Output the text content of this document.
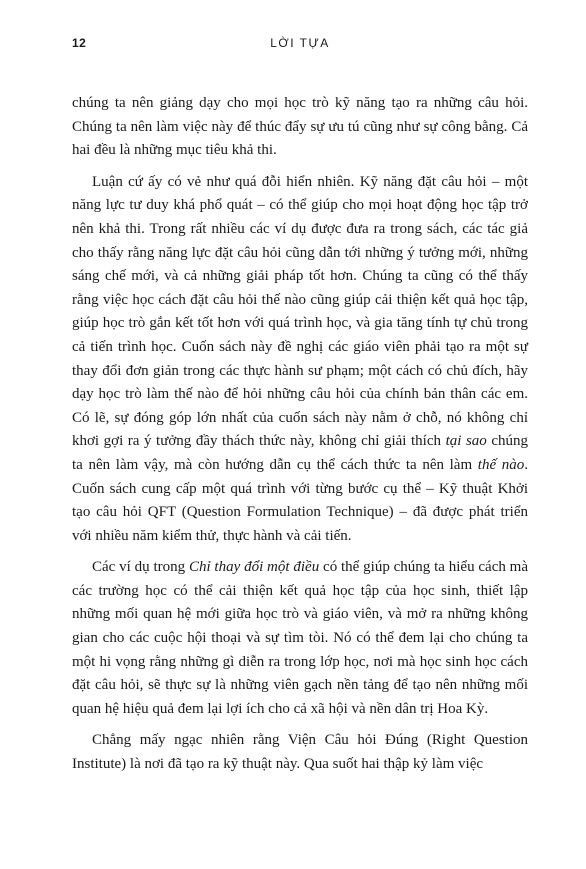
12	LỜI TỰA

chúng ta nên giảng dạy cho mọi học trò kỹ năng tạo ra những câu hỏi. Chúng ta nên làm việc này để thúc đẩy sự ưu tú cũng như sự công bằng. Cả hai đều là những mục tiêu khả thi.

Luận cứ ấy có vẻ như quá đỗi hiển nhiên. Kỹ năng đặt câu hỏi – một năng lực tư duy khá phổ quát – có thể giúp cho mọi hoạt động học tập trở nên khả thi. Trong rất nhiều các ví dụ được đưa ra trong sách, các tác giả cho thấy rằng năng lực đặt câu hỏi cũng dẫn tới những ý tưởng mới, những sáng chế mới, và cả những giải pháp tốt hơn. Chúng ta cũng có thể thấy rằng việc học cách đặt câu hỏi thế nào cũng giúp cải thiện kết quả học tập, giúp học trò gắn kết tốt hơn với quá trình học, và gia tăng tính tự chủ trong cả tiến trình học. Cuốn sách này đề nghị các giáo viên phải tạo ra một sự thay đổi đơn giản trong các thực hành sư phạm; một cách có chủ đích, hãy dạy học trò làm thế nào để hỏi những câu hỏi của chính bản thân các em. Có lẽ, sự đóng góp lớn nhất của cuốn sách này nằm ở chỗ, nó không chỉ khơi gợi ra ý tưởng đầy thách thức này, không chỉ giải thích tại sao chúng ta nên làm vậy, mà còn hướng dẫn cụ thể cách thức ta nên làm thế nào. Cuốn sách cung cấp một quá trình với từng bước cụ thể – Kỹ thuật Khởi tạo câu hỏi QFT (Question Formulation Technique) – đã được phát triển với nhiều năm kiểm thử, thực hành và cải tiến.

Các ví dụ trong Chỉ thay đổi một điều có thể giúp chúng ta hiểu cách mà các trường học có thể cải thiện kết quả học tập của học sinh, thiết lập những mối quan hệ mới giữa học trò và giáo viên, và mở ra những không gian cho các cuộc hội thoại và sự tìm tòi. Nó có thể đem lại cho chúng ta một hi vọng rằng những gì diễn ra trong lớp học, nơi mà học sinh học cách đặt câu hỏi, sẽ thực sự là những viên gạch nền tảng để tạo nên những mối quan hệ hiệu quả đem lại lợi ích cho cả xã hội và nền dân trị Hoa Kỳ.

Chẳng mấy ngạc nhiên rằng Viện Câu hỏi Đúng (Right Question Institute) là nơi đã tạo ra kỹ thuật này. Qua suốt hai thập kỷ làm việc
